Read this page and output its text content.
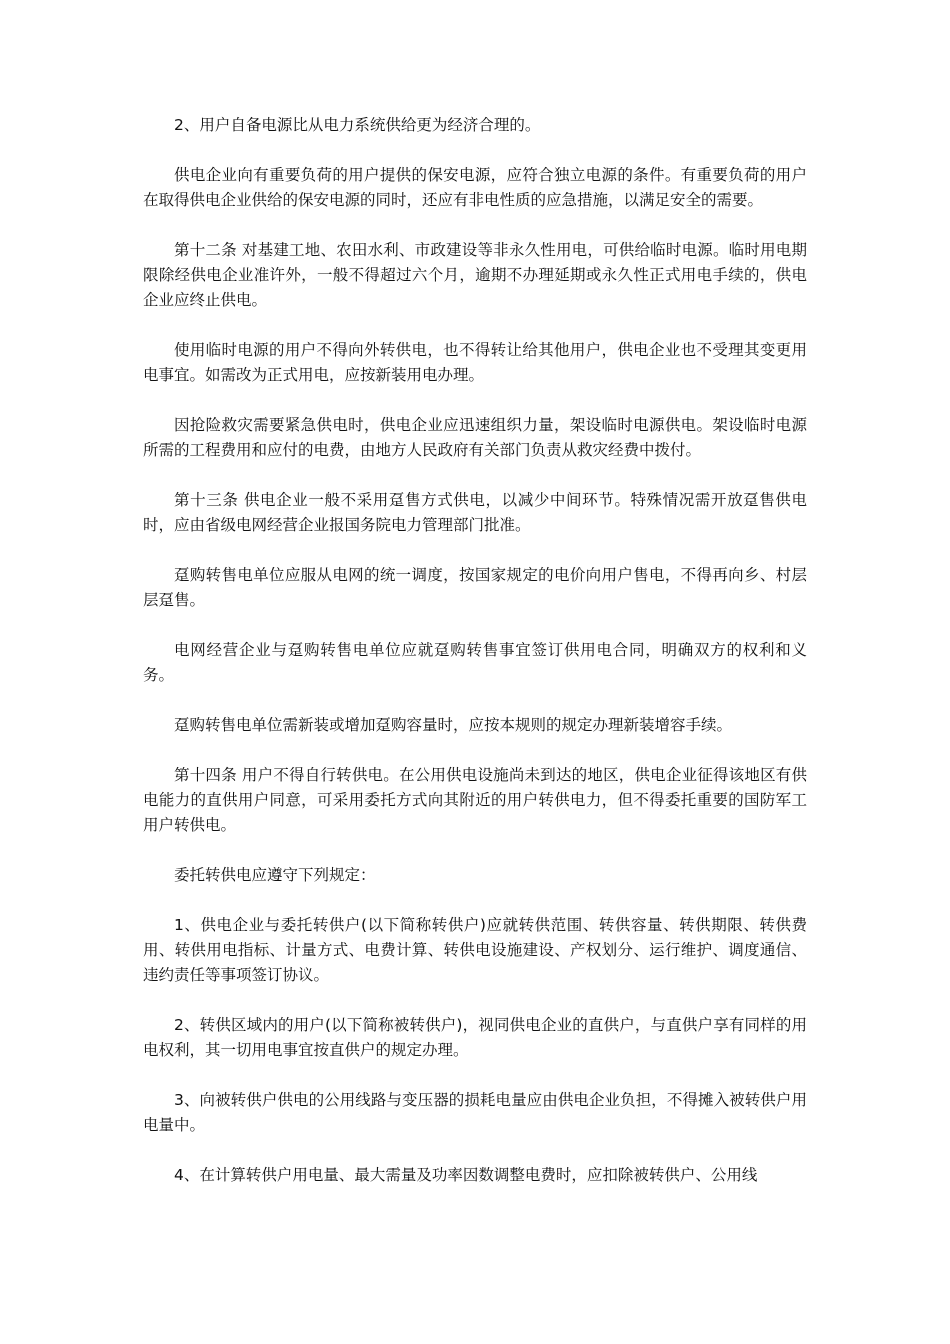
2、用户自备电源比从电力系统供给更为经济合理的。

供电企业向有重要负荷的用户提供的保安电源，应符合独立电源的条件。有重要负荷的用户在取得供电企业供给的保安电源的同时，还应有非电性质的应急措施，以满足安全的需要。

第十二条 对基建工地、农田水利、市政建设等非永久性用电，可供给临时电源。临时用电期限除经供电企业准许外，一般不得超过六个月，逾期不办理延期或永久性正式用电手续的，供电企业应终止供电。

使用临时电源的用户不得向外转供电，也不得转让给其他用户，供电企业也不受理其变更用电事宜。如需改为正式用电，应按新装用电办理。

因抢险救灾需要紧急供电时，供电企业应迅速组织力量，架设临时电源供电。架设临时电源所需的工程费用和应付的电费，由地方人民政府有关部门负责从救灾经费中拨付。

第十三条 供电企业一般不采用趸售方式供电，以减少中间环节。特殊情况需开放趸售供电时，应由省级电网经营企业报国务院电力管理部门批准。

趸购转售电单位应服从电网的统一调度，按国家规定的电价向用户售电，不得再向乡、村层层趸售。

电网经营企业与趸购转售电单位应就趸购转售事宜签订供用电合同，明确双方的权利和义务。

趸购转售电单位需新装或增加趸购容量时，应按本规则的规定办理新装增容手续。

第十四条 用户不得自行转供电。在公用供电设施尚未到达的地区，供电企业征得该地区有供电能力的直供用户同意，可采用委托方式向其附近的用户转供电力，但不得委托重要的国防军工用户转供电。

委托转供电应遵守下列规定：

1、供电企业与委托转供户(以下简称转供户)应就转供范围、转供容量、转供期限、转供费用、转供用电指标、计量方式、电费计算、转供电设施建设、产权划分、运行维护、调度通信、违约责任等事项签订协议。

2、转供区域内的用户(以下简称被转供户)，视同供电企业的直供户，与直供户享有同样的用电权利，其一切用电事宜按直供户的规定办理。

3、向被转供户供电的公用线路与变压器的损耗电量应由供电企业负担，不得摊入被转供户用电量中。

4、在计算转供户用电量、最大需量及功率因数调整电费时，应扣除被转供户、公用线
